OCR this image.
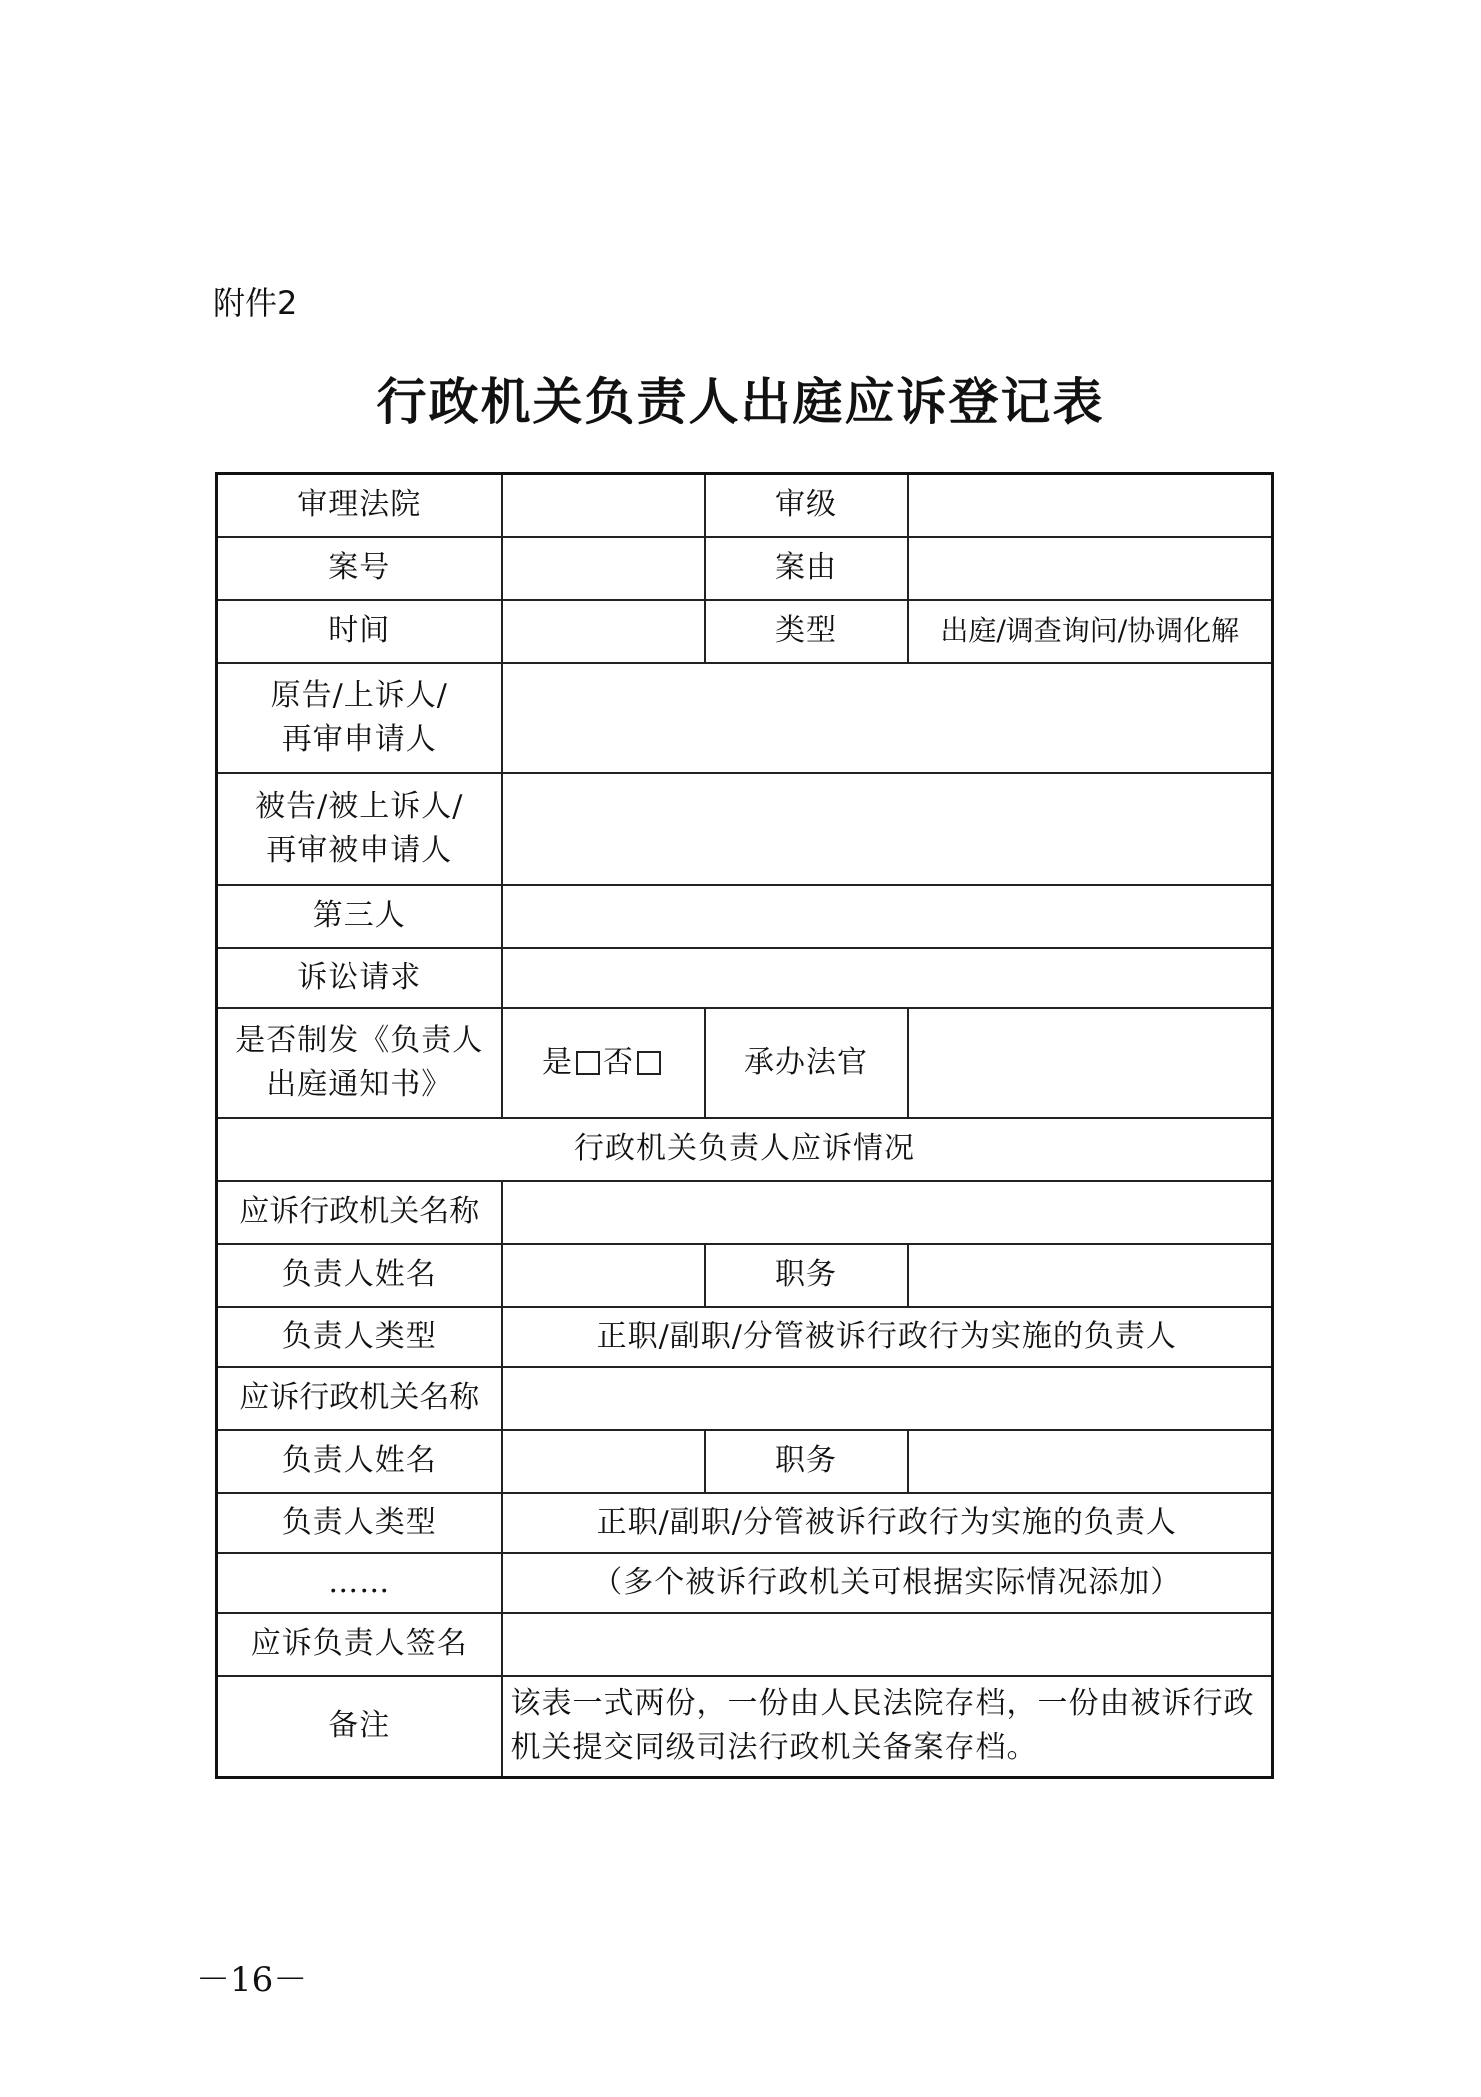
附件2
行政机关负责人出庭应诉登记表
审理法院		审级	
案号		案由	
时间		类型	出庭/调查询问/协调化解
原告/上诉人/再审申请人			
被告/被上诉人/再审被申请人			
第三人			
诉讼请求			
是否制发《负责人出庭通知书》	是 否	承办法官	
行政机关负责人应诉情况			
应诉行政机关名称			
负责人姓名		职务	
负责人类型	正职/副职/分管被诉行政行为实施的负责人		
应诉行政机关名称			
负责人姓名		职务	
负责人类型	正职/副职/分管被诉行政行为实施的负责人		
……	（多个被诉行政机关可根据实际情况添加）		
应诉负责人签名			
备注	该表一式两份，一份由人民法院存档，一份由被诉行政机关提交同级司法行政机关备案存档。		
－16－
